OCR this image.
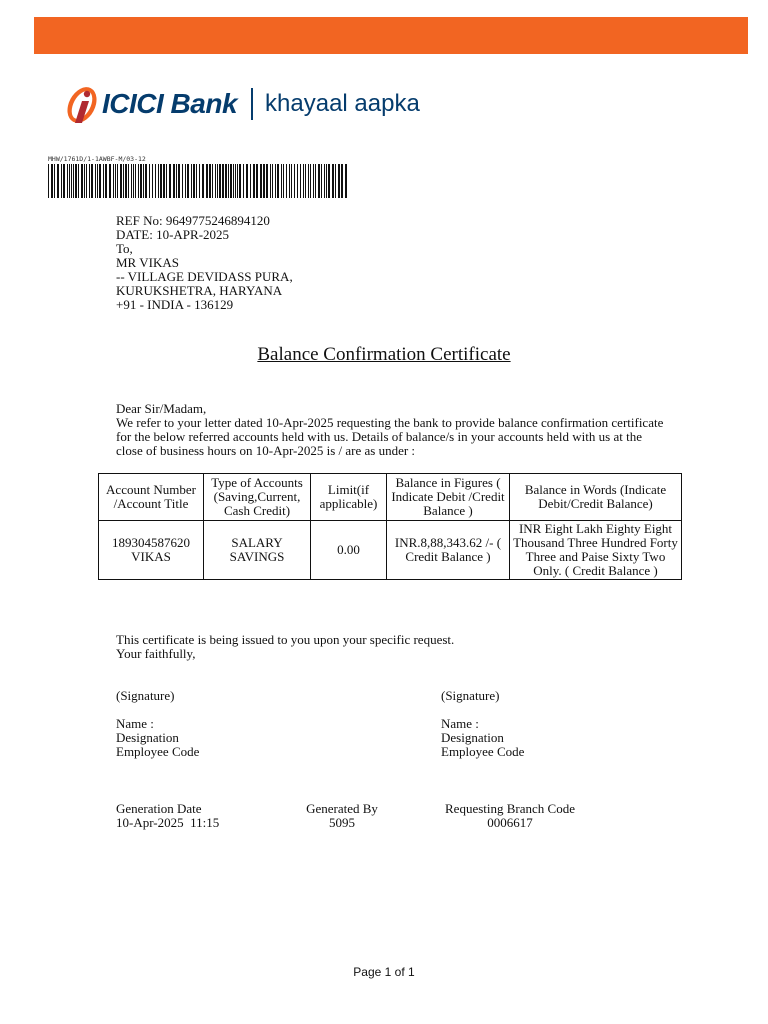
ICICI Bank khayaal aapka
MHW/1761D/1-1AWBF-M/03-12
REF No: 9649775246894120
DATE: 10-APR-2025
To,
MR VIKAS
-- VILLAGE DEVIDASS PURA,
KURUKSHETRA, HARYANA
+91 - INDIA - 136129
Balance Confirmation Certificate

Dear Sir/Madam,

We refer to your letter dated 10-Apr-2025 requesting the bank to provide balance confirmation certificate for the below referred accounts held with us. Details of balance/s in your accounts held with us at the close of business hours on 10-Apr-2025 is / are as under :

Account Number /Account Title	Type of Accounts (Saving,Current, Cash Credit)	Limit(if applicable)	Balance in Figures ( Indicate Debit /Credit Balance )	Balance in Words (Indicate Debit/Credit Balance)
189304587620 VIKAS	SALARY SAVINGS	0.00	INR.8,88,343.62 /- ( Credit Balance )	INR Eight Lakh Eighty Eight Thousand Three Hundred Forty Three and Paise Sixty Two Only. ( Credit Balance )
This certificate is being issued to you upon your specific request.
Your faithfully,
(Signature)
Name :
Designation
Employee Code
(Signature)
Name :
Designation
Employee Code
Generation Date
10-Apr-2025  11:15
Generated By
5095
Requesting Branch Code
0006617
Page 1 of 1
